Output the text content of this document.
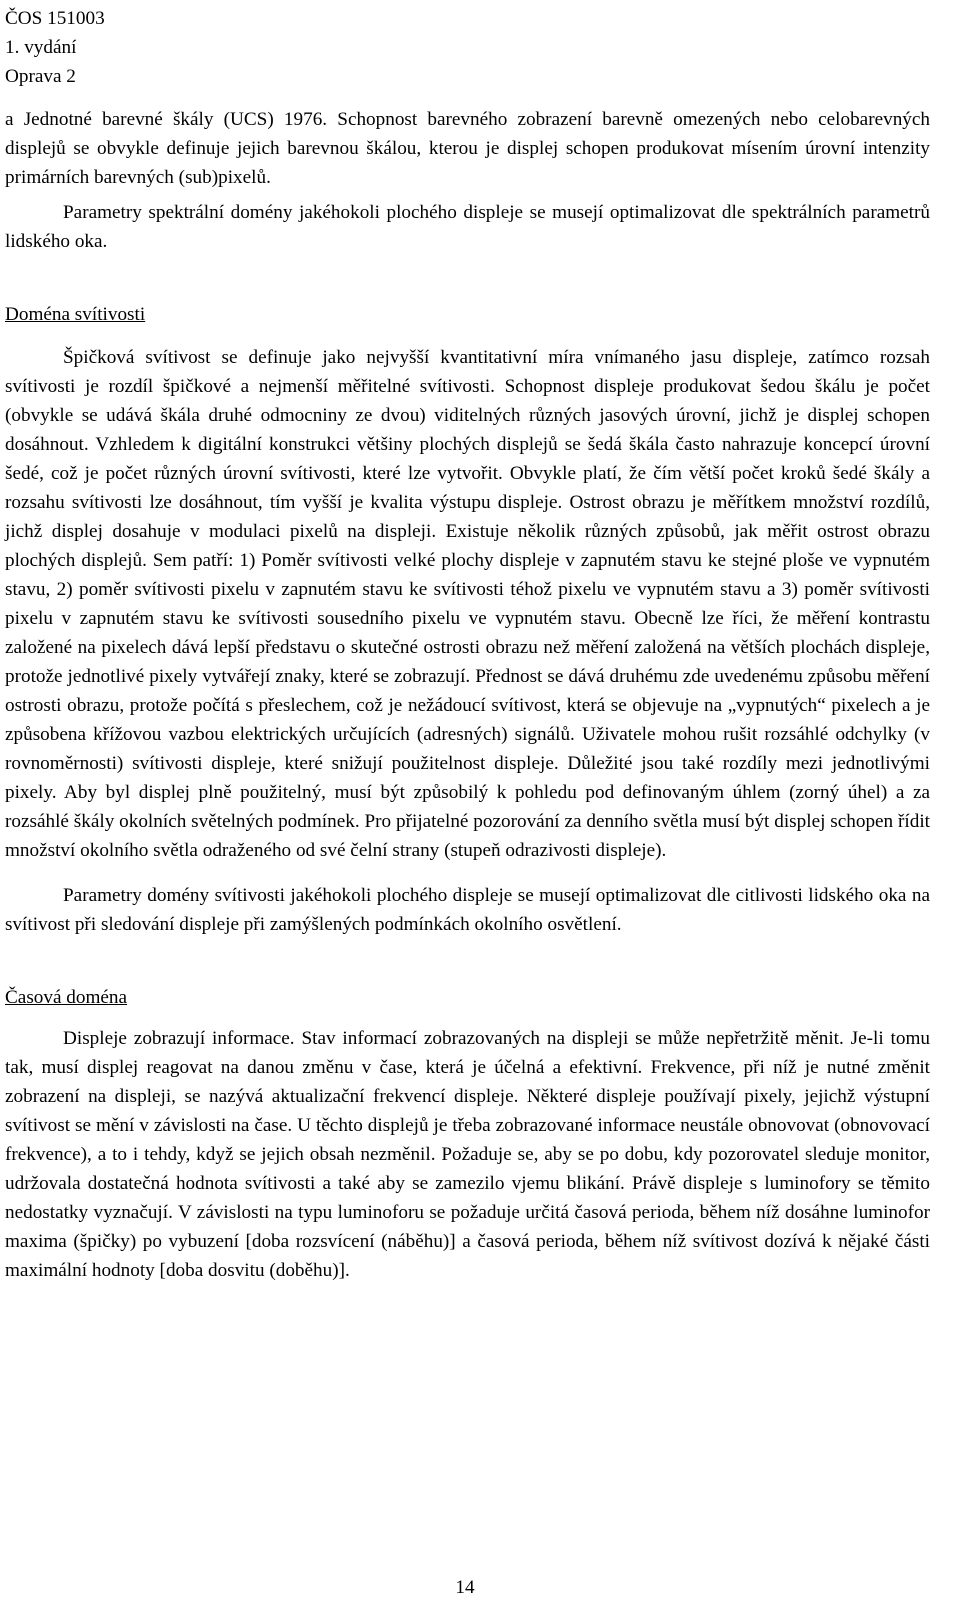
ČOS 151003

1. vydání

Oprava 2

a Jednotné barevné škály (UCS) 1976. Schopnost barevného zobrazení barevně omezených nebo celobarevných displejů se obvykle definuje jejich barevnou škálou, kterou je displej schopen produkovat mísením úrovní intenzity primárních barevných (sub)pixelů.

Parametry spektrální domény jakéhokoli plochého displeje se musejí optimalizovat dle spektrálních parametrů lidského oka.

Doména svítivosti

Špičková svítivost se definuje jako nejvyšší kvantitativní míra vnímaného jasu displeje, zatímco rozsah svítivosti je rozdíl špičkové a nejmenší měřitelné svítivosti. Schopnost displeje produkovat šedou škálu je počet (obvykle se udává škála druhé odmocniny ze dvou) viditelných různých jasových úrovní, jichž je displej schopen dosáhnout. Vzhledem k digitální konstrukci většiny plochých displejů se šedá škála často nahrazuje koncepcí úrovní šedé, což je počet různých úrovní svítivosti, které lze vytvořit. Obvykle platí, že čím větší počet kroků šedé škály a rozsahu svítivosti lze dosáhnout, tím vyšší je kvalita výstupu displeje. Ostrost obrazu je měřítkem množství rozdílů, jichž displej dosahuje v modulaci pixelů na displeji. Existuje několik různých způsobů, jak měřit ostrost obrazu plochých displejů. Sem patří: 1) Poměr svítivosti velké plochy displeje v zapnutém stavu ke stejné ploše ve vypnutém stavu, 2) poměr svítivosti pixelu v zapnutém stavu ke svítivosti téhož pixelu ve vypnutém stavu a 3) poměr svítivosti pixelu v zapnutém stavu ke svítivosti sousedního pixelu ve vypnutém stavu. Obecně lze říci, že měření kontrastu založené na pixelech dává lepší představu o skutečné ostrosti obrazu než měření založená na větších plochách displeje, protože jednotlivé pixely vytvářejí znaky, které se zobrazují. Přednost se dává druhému zde uvedenému způsobu měření ostrosti obrazu, protože počítá s přeslechem, což je nežádoucí svítivost, která se objevuje na „vypnutých“ pixelech a je způsobena křížovou vazbou elektrických určujících (adresných) signálů. Uživatele mohou rušit rozsáhlé odchylky (v rovnoměrnosti) svítivosti displeje, které snižují použitelnost displeje. Důležité jsou také rozdíly mezi jednotlivými pixely. Aby byl displej plně použitelný, musí být způsobilý k pohledu pod definovaným úhlem (zorný úhel) a za rozsáhlé škály okolních světelných podmínek. Pro přijatelné pozorování za denního světla musí být displej schopen řídit množství okolního světla odraženého od své čelní strany (stupeň odrazivosti displeje).

Parametry domény svítivosti jakéhokoli plochého displeje se musejí optimalizovat dle citlivosti lidského oka na svítivost při sledování displeje při zamýšlených podmínkách okolního osvětlení.

Časová doména

Displeje zobrazují informace. Stav informací zobrazovaných na displeji se může nepřetržitě měnit. Je-li tomu tak, musí displej reagovat na danou změnu v čase, která je účelná a efektivní. Frekvence, při níž je nutné změnit zobrazení na displeji, se nazývá aktualizační frekvencí displeje. Některé displeje používají pixely, jejichž výstupní svítivost se mění v závislosti na čase. U těchto displejů je třeba zobrazované informace neustále obnovovat (obnovovací frekvence), a to i tehdy, když se jejich obsah nezměnil. Požaduje se, aby se po dobu, kdy pozorovatel sleduje monitor, udržovala dostatečná hodnota svítivosti a také aby se zamezilo vjemu blikání. Právě displeje s luminofory se těmito nedostatky vyznačují. V závislosti na typu luminoforu se požaduje určitá časová perioda, během níž dosáhne luminofor maxima (špičky) po vybuzení [doba rozsvícení (náběhu)] a časová perioda, během níž svítivost dozívá k nějaké části maximální hodnoty [doba dosvitu (doběhu)].

14
